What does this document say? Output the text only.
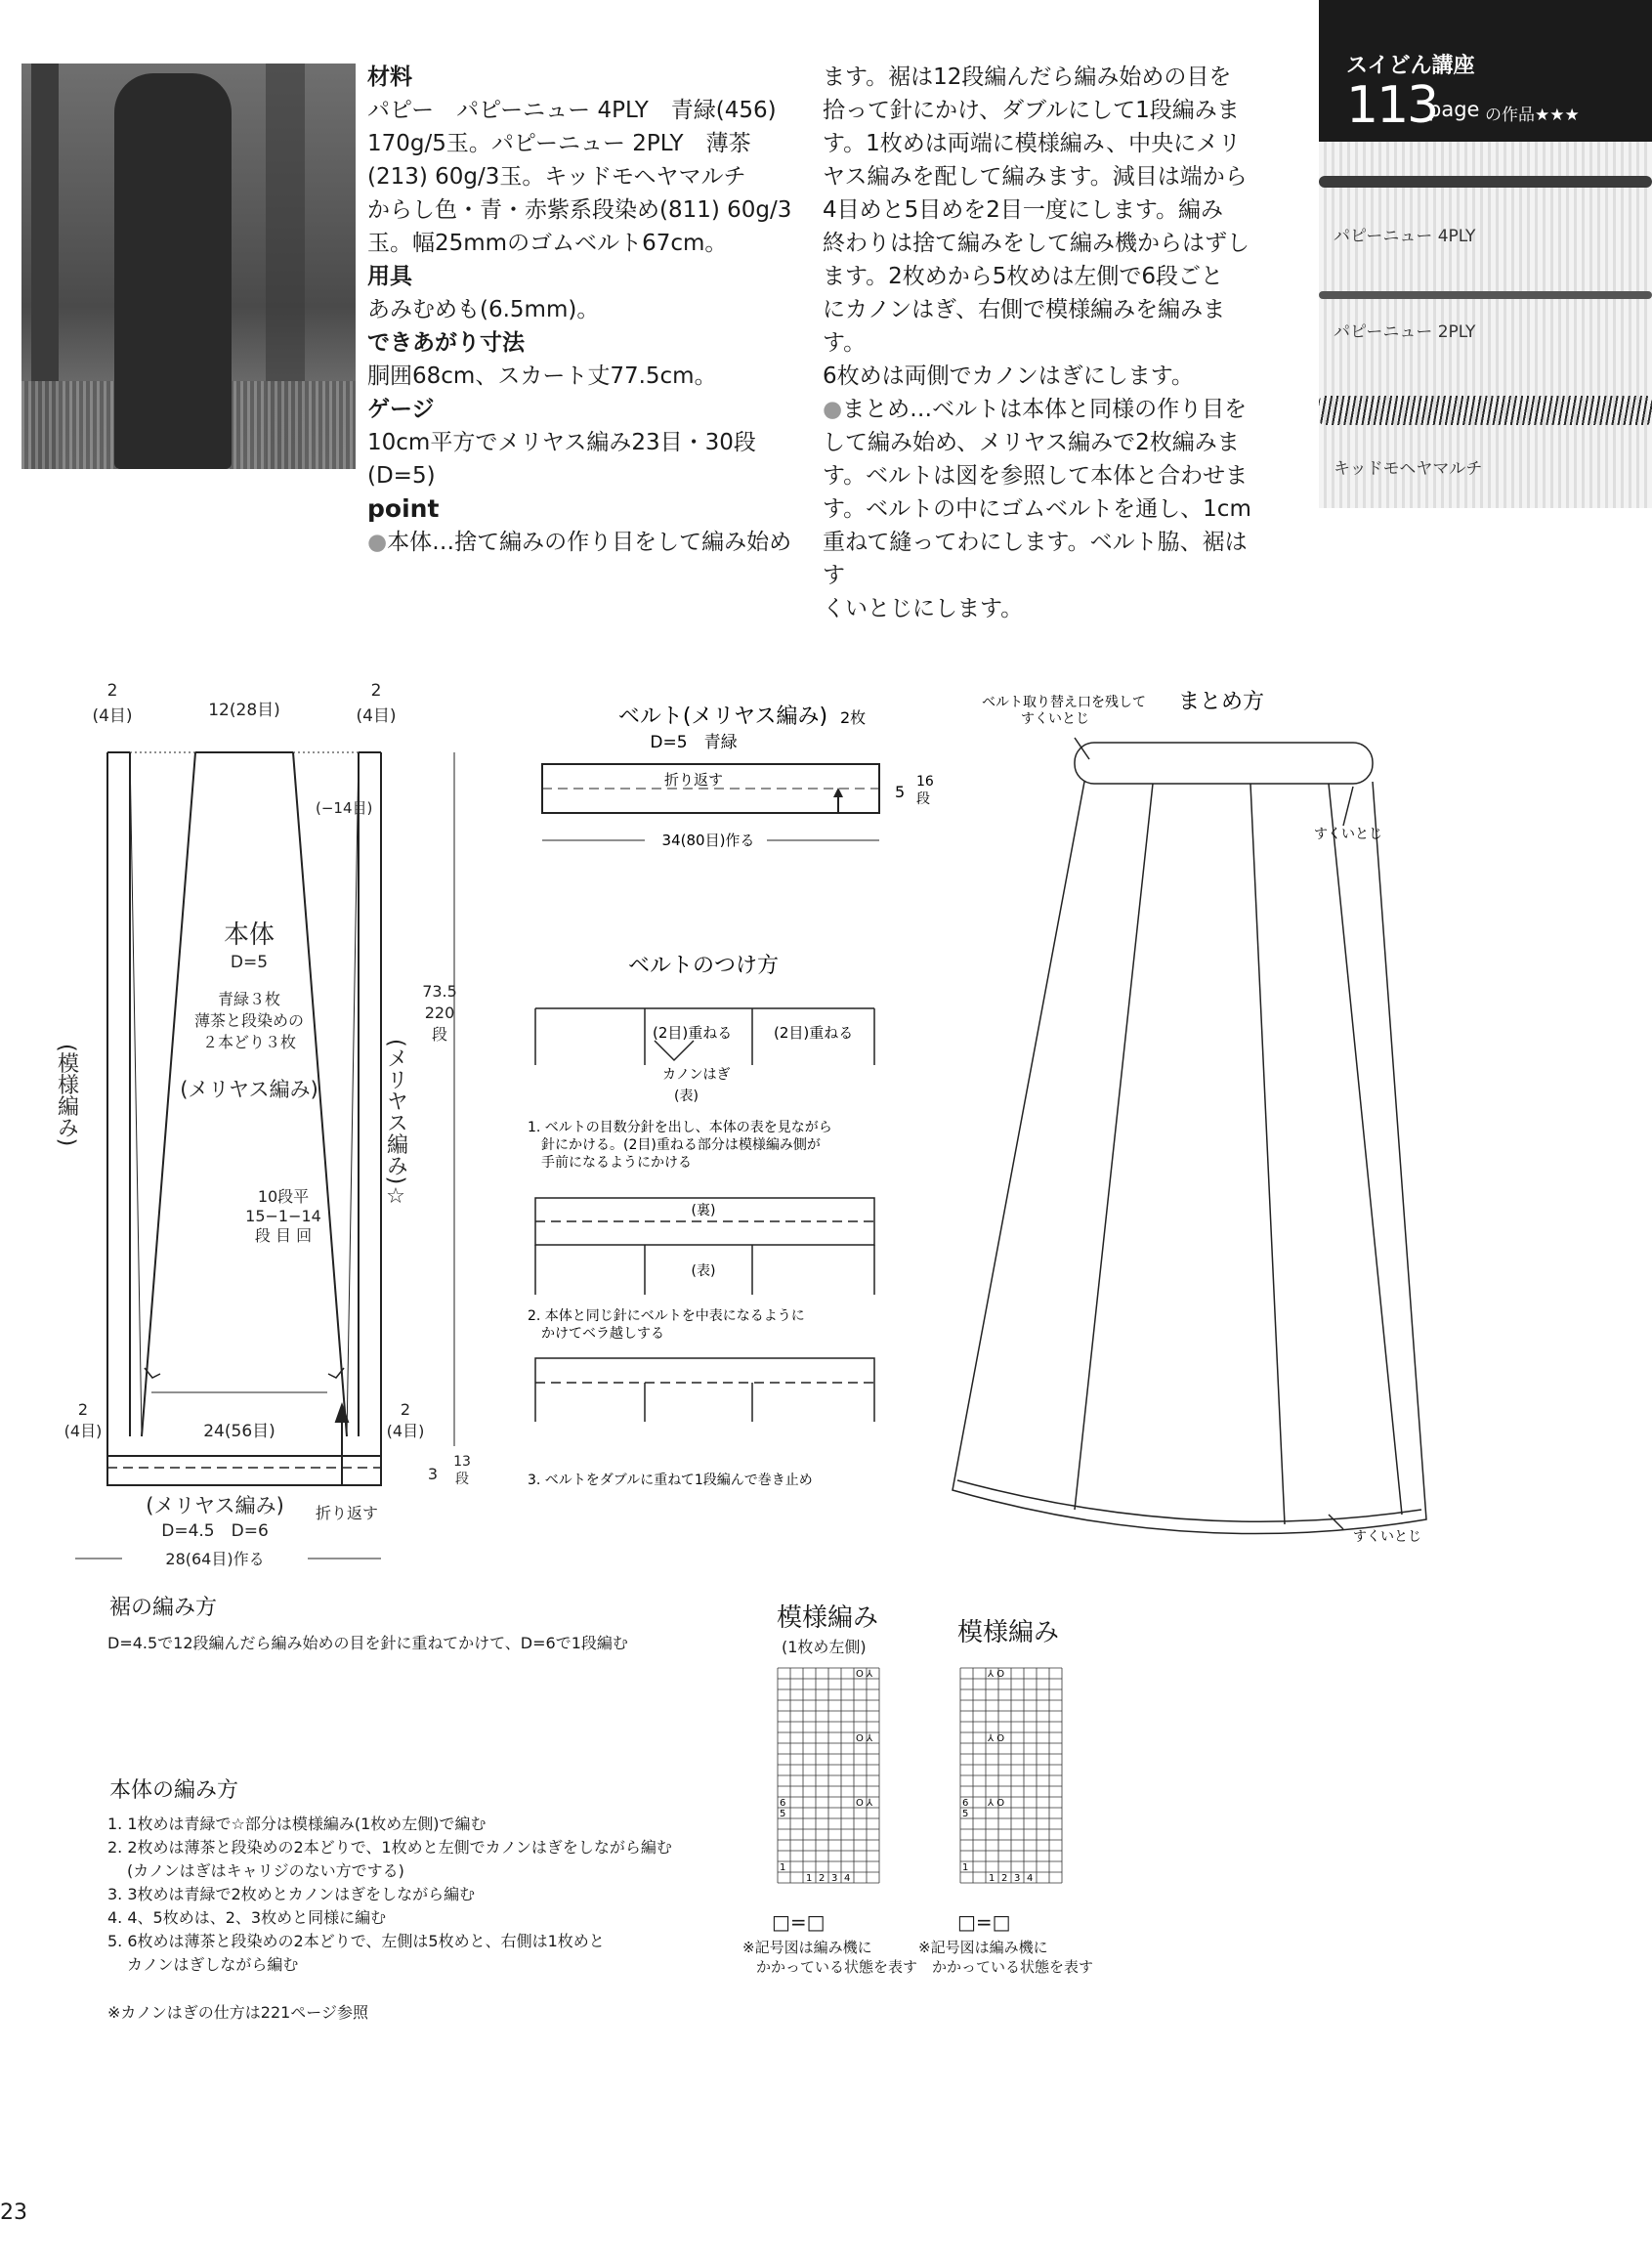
材料
パピー　パピーニュー 4PLY　青緑(456)
170g/5玉。パピーニュー 2PLY　薄茶
(213) 60g/3玉。キッドモヘヤマルチ
からし色・青・赤紫系段染め(811) 60g/3
玉。幅25mmのゴムベルト67cm。
用具
あみむめも(6.5mm)。
できあがり寸法
胴囲68cm、スカート丈77.5cm。
ゲージ
10cm平方でメリヤス編み23目・30段
(D=5)
point
●本体…捨て編みの作り目をして編み始め
ます。裾は12段編んだら編み始めの目を
拾って針にかけ、ダブルにして1段編みま
す。1枚めは両端に模様編み、中央にメリ
ヤス編みを配して編みます。減目は端から
4目めと5目めを2目一度にします。編み
終わりは捨て編みをして編み機からはずし
ます。2枚めから5枚めは左側で6段ごと
にカノンはぎ、右側で模様編みを編みます。
6枚めは両側でカノンはぎにします。
●まとめ…ベルトは本体と同様の作り目を
して編み始め、メリヤス編みで2枚編みま
す。ベルトは図を参照して本体と合わせま
す。ベルトの中にゴムベルトを通し、1cm
重ねて縫ってわにします。ベルト脇、裾はす
くいとじにします。
スイどん講座
113
page の作品★★★
パピーニュー 4PLY
パピーニュー 2PLY
キッドモヘヤマルチ
2
(4目)	12(28目)
2
(4目)
(−14目)
本体
D=5
青緑３枚
薄茶と段染めの
２本どり３枚
(メリヤス編み)
(模様編み)	(メリヤス編み)☆
73.5
220
段
10段平
15−1−14
段 目 回
24(56目)
2
(4目)
2
(4目)
3
13
段
(メリヤス編み)
D=4.5　D=6
折り返す
28(64目)作る
ベルト(メリヤス編み) 2枚
D=5　青緑
折り返す
5
16
段
34(80目)作る
ベルトのつけ方
(2目)重ねる	(2目)重ねる
カノンはぎ
(表)
1. ベルトの目数分針を出し、本体の表を見ながら
針にかける。(2目)重ねる部分は模様編み側が
手前になるようにかける
(裏)
(表)
2. 本体と同じ針にベルトを中表になるように
かけてベラ越しする
3. ベルトをダブルに重ねて1段編んで巻き止め
まとめ方
ベルト取り替え口を残して
すくいとじ
すくいとじ
すくいとじ
裾の編み方
D=4.5で12段編んだら編み始めの目を針に重ねてかけて、D=6で1段編む
本体の編み方
1. 1枚めは青緑で☆部分は模様編み(1枚め左側)で編む
2. 2枚めは薄茶と段染めの2本どりで、1枚めと左側でカノンはぎをしながら編む
(カノンはぎはキャリジのない方でする)
3. 3枚めは青緑で2枚めとカノンはぎをしながら編む
4. 4、5枚めは、2、3枚めと同様に編む
5. 6枚めは薄茶と段染めの2本どりで、左側は5枚めと、右側は1枚めと
カノンはぎしながら編む
※カノンはぎの仕方は221ページ参照
模様編み
(1枚め左側)	模様編み
1
5
6
1 2 3 4
O ⅄
O ⅄
O ⅄
1
5
6
1 2 3 4
⅄ O
⅄ O
⅄ O
□=□	□=□
※記号図は編み機に
かかっている状態を表す
※記号図は編み機に
かかっている状態を表す
23
